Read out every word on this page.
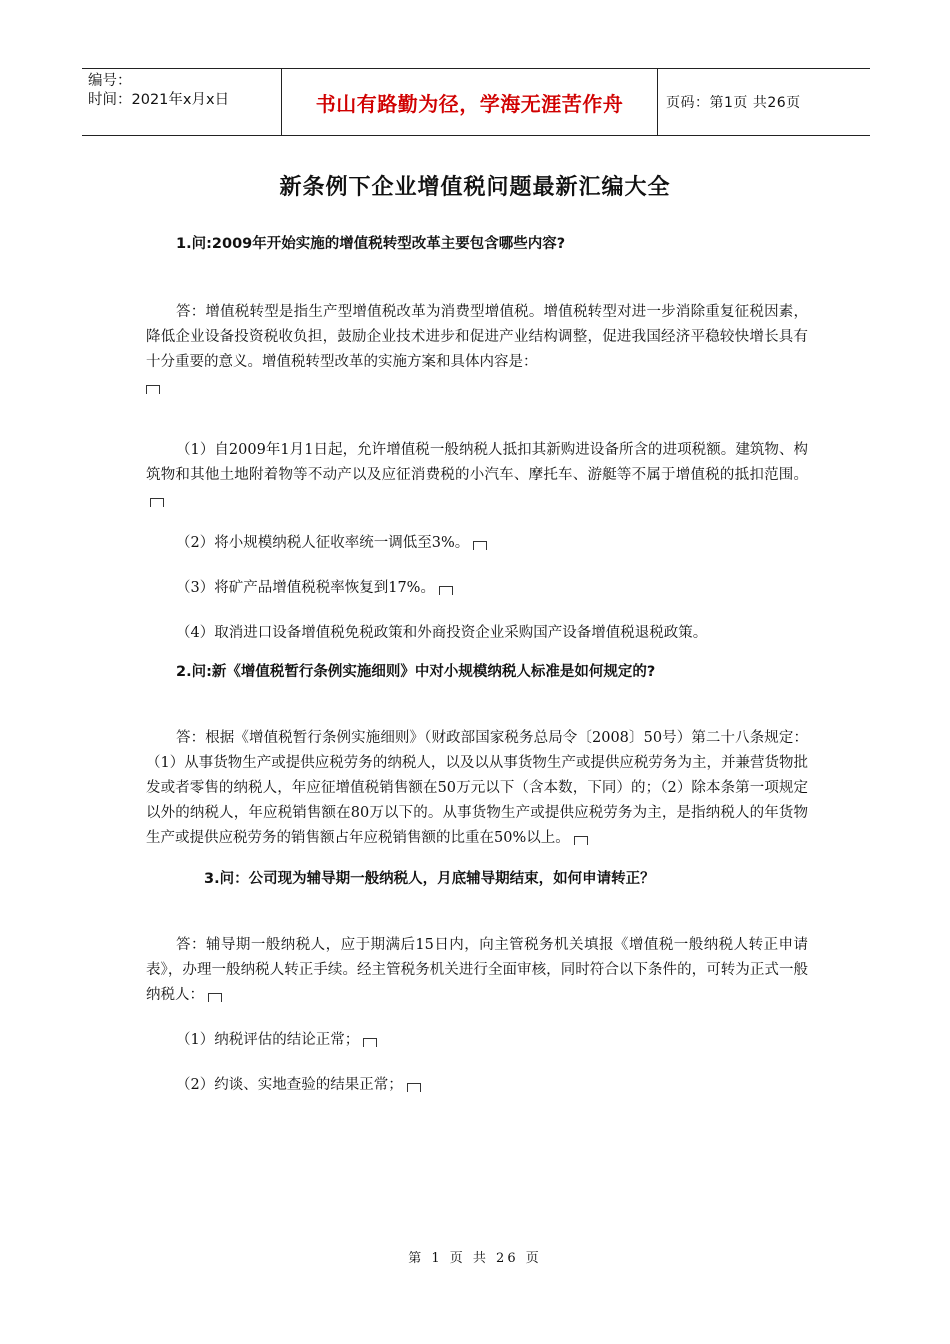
编号：
时间：2021年x月x日	书山有路勤为径，学海无涯苦作舟	页码：第1页 共26页
新条例下企业增值税问题最新汇编大全

1.问:2009年开始实施的增值税转型改革主要包含哪些内容?

答：增值税转型是指生产型增值税改革为消费型增值税。增值税转型对进一步消除重复征税因素，降低企业设备投资税收负担，鼓励企业技术进步和促进产业结构调整，促进我国经济平稳较快增长具有十分重要的意义。增值税转型改革的实施方案和具体内容是：

（1）自2009年1月1日起，允许增值税一般纳税人抵扣其新购进设备所含的进项税额。建筑物、构筑物和其他土地附着物等不动产以及应征消费税的小汽车、摩托车、游艇等不属于增值税的抵扣范围。

（2）将小规模纳税人征收率统一调低至3%。

（3）将矿产品增值税税率恢复到17%。

（4）取消进口设备增值税免税政策和外商投资企业采购国产设备增值税退税政策。

2.问:新《增值税暂行条例实施细则》中对小规模纳税人标准是如何规定的?

答：根据《增值税暂行条例实施细则》（财政部国家税务总局令〔2008〕50号）第二十八条规定：（1）从事货物生产或提供应税劳务的纳税人，以及以从事货物生产或提供应税劳务为主，并兼营货物批发或者零售的纳税人，年应征增值税销售额在50万元以下（含本数，下同）的；（2）除本条第一项规定以外的纳税人，年应税销售额在80万以下的。从事货物生产或提供应税劳务为主，是指纳税人的年货物生产或提供应税劳务的销售额占年应税销售额的比重在50%以上。

3.问：公司现为辅导期一般纳税人，月底辅导期结束，如何申请转正？

答：辅导期一般纳税人，应于期满后15日内，向主管税务机关填报《增值税一般纳税人转正申请表》，办理一般纳税人转正手续。经主管税务机关进行全面审核，同时符合以下条件的，可转为正式一般纳税人：

（1）纳税评估的结论正常；

（2）约谈、实地查验的结果正常；

第 1 页 共 26 页
